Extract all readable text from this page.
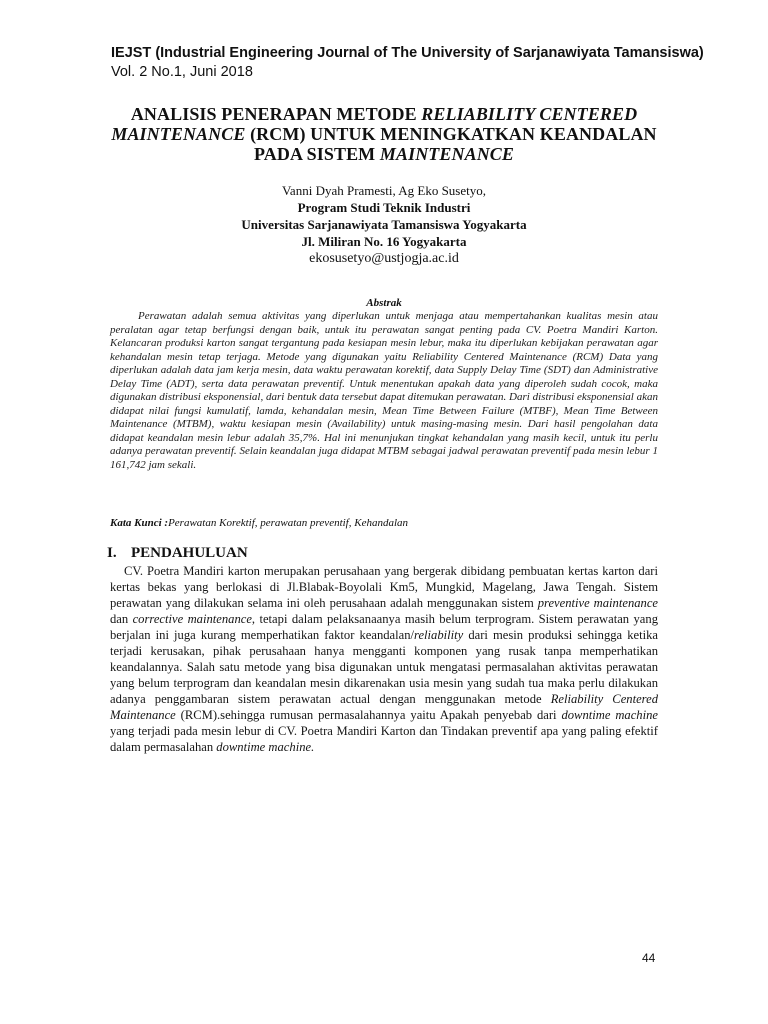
IEJST (Industrial Engineering Journal of The University of Sarjanawiyata Tamansiswa)
Vol. 2 No.1, Juni 2018
ANALISIS PENERAPAN METODE RELIABILITY CENTERED MAINTENANCE (RCM) UNTUK MENINGKATKAN KEANDALAN PADA SISTEM MAINTENANCE
Vanni Dyah Pramesti, Ag Eko Susetyo,
Program Studi Teknik Industri
Universitas Sarjanawiyata Tamansiswa Yogyakarta
Jl. Miliran No. 16 Yogyakarta
ekosusetyo@ustjogja.ac.id
Abstrak
Perawatan adalah semua aktivitas yang diperlukan untuk menjaga atau mempertahankan kualitas mesin atau peralatan agar tetap berfungsi dengan baik, untuk itu perawatan sangat penting pada CV. Poetra Mandiri Karton. Kelancaran produksi karton sangat tergantung pada kesiapan mesin lebur, maka itu diperlukan kebijakan perawatan agar kehandalan mesin tetap terjaga. Metode yang digunakan yaitu Reliability Centered Maintenance (RCM) Data yang diperlukan adalah data jam kerja mesin, data waktu perawatan korektif, data Supply Delay Time (SDT) dan Administrative Delay Time (ADT), serta data perawatan preventif. Untuk menentukan apakah data yang diperoleh sudah cocok, maka digunakan distribusi eksponensial, dari bentuk data tersebut dapat ditemukan perawatan. Dari distribusi eksponensial akan didapat nilai fungsi kumulatif, lamda, kehandalan mesin, Mean Time Between Failure (MTBF), Mean Time Between Maintenance (MTBM), waktu kesiapan mesin (Availability) untuk masing-masing mesin. Dari hasil pengolahan data didapat keandalan mesin lebur adalah 35,7%. Hal ini menunjukan tingkat kehandalan yang masih kecil, untuk itu perlu adanya perawatan preventif. Selain keandalan juga didapat MTBM sebagai jadwal perawatan preventif pada mesin lebur 1 161,742 jam sekali.
Kata Kunci :Perawatan Korektif, perawatan preventif, Kehandalan
I. PENDAHULUAN
CV. Poetra Mandiri karton merupakan perusahaan yang bergerak dibidang pembuatan kertas karton dari kertas bekas yang berlokasi di Jl.Blabak-Boyolali Km5, Mungkid, Magelang, Jawa Tengah. Sistem perawatan yang dilakukan selama ini oleh perusahaan adalah menggunakan sistem preventive maintenance dan corrective maintenance, tetapi dalam pelaksanaanya masih belum terprogram. Sistem perawatan yang berjalan ini juga kurang memperhatikan faktor keandalan/reliability dari mesin produksi sehingga ketika terjadi kerusakan, pihak perusahaan hanya mengganti komponen yang rusak tanpa memperhatikan keandalannya. Salah satu metode yang bisa digunakan untuk mengatasi permasalahan aktivitas perawatan yang belum terprogram dan keandalan mesin dikarenakan usia mesin yang sudah tua maka perlu dilakukan adanya penggambaran sistem perawatan actual dengan menggunakan metode Reliability Centered Maintenance (RCM).sehingga rumusan permasalahannya yaitu Apakah penyebab dari downtime machine yang terjadi pada mesin lebur di CV. Poetra Mandiri Karton dan Tindakan preventif apa yang paling efektif dalam permasalahan downtime machine.
44
